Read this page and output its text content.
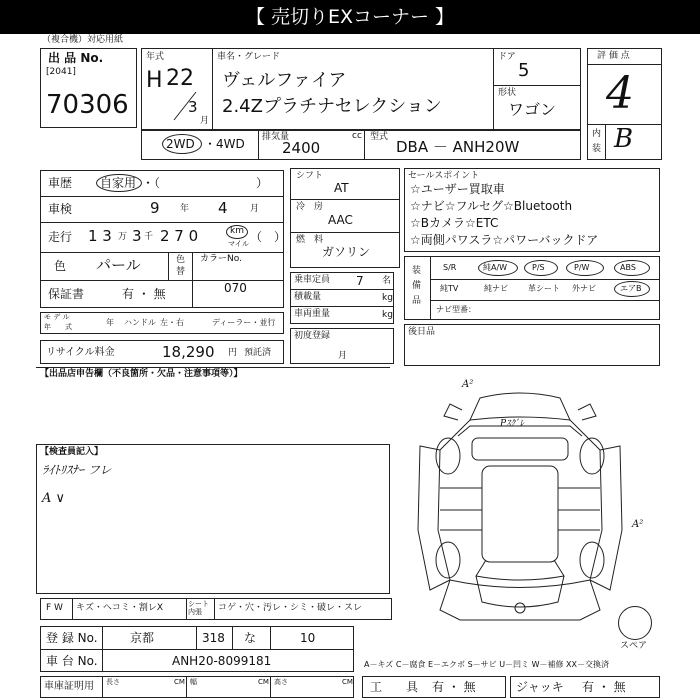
【 売切りEXコーナー 】
（複合機）対応用紙
出 品 No.
[2041]
70306
年式
H 22
3
月
車名・グレード
ヴェルファイア
2.4Zプラチナセレクション
ドア
5
形状
ワゴン
評 価 点
4
内
装 B
2WD ・ 4WD 排気量
2400
cc 型式
DBA － ANH20W
車歴 自家用 ・（　　　　　　　　）
車検	9 年 4 月
走行 1 3 万 3 千 2 7 0	km
マイル （　）
色 パール	色
替
カラーNo.
070
保証書	有 ・ 無
モ デ ル
年　　式	年 ハンドル 左・右	ディーラー・並行
リサイクル料金	18,290 円 預託済
シフト
AT
冷　房
AAC
燃　料
ガソリン
乗車定員 7 名
積載量	kg
車両重量	kg
初度登録
月
セールスポイント
☆ユーザー買取車
☆ナビ☆フルセグ☆Bluetooth
☆Bカメラ☆ETC
☆両側パワスラ☆パワーバックドア
装
備
品
S/R	純A/W	P/S	P/W	ABS
純TV	純ナビ	革シート 外ナビ	エアB
ナビ型番：
後日品
【出品店申告欄（不良箇所・欠品・注意事項等）】
【検査員記入】
ﾗｲﾄﾘｽﾅｰ フレ
A ∨
A²
Pｽｸﾞﾚ
A²
スペア
F W キズ・ヘコミ・割レX	シート 内張	コゲ・穴・汚レ・シミ・破レ・スレ
登 録 No.	京都	318 な	10
車 台 No.	ANH20-8099181	A－キズ C－腐食 E－エクボ S－サビ U－凹ミ W－補修 XX－交換済
車庫証明用 長さ	CM 幅	CM 高さ	CM 工　　具 有 ・ 無	ジャッキ 有 ・ 無
